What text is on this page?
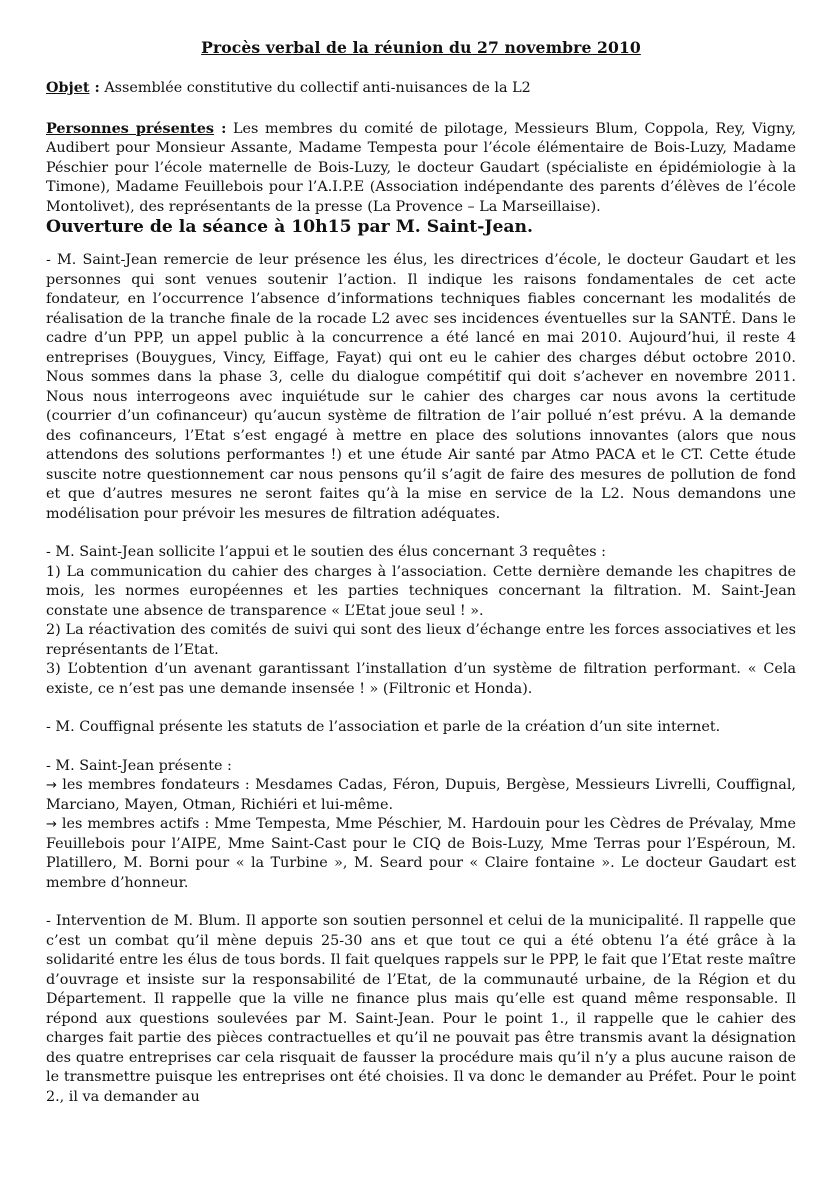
Procès verbal de la réunion du 27 novembre 2010

Objet : Assemblée constitutive du collectif anti-nuisances de la L2

Personnes présentes : Les membres du comité de pilotage, Messieurs Blum, Coppola, Rey, Vigny, Audibert pour Monsieur Assante, Madame Tempesta pour l’école élémentaire de Bois-Luzy, Madame Péschier pour l’école maternelle de Bois-Luzy, le docteur Gaudart (spécialiste en épidémiologie à la Timone), Madame Feuillebois pour l’A.I.P.E (Association indépendante des parents d’élèves de l’école Montolivet), des représentants de la presse (La Provence – La Marseillaise).

Ouverture de la séance à 10h15 par M. Saint-Jean.

- M. Saint-Jean remercie de leur présence les élus, les directrices d’école, le docteur Gaudart et les personnes qui sont venues soutenir l’action. Il indique les raisons fondamentales de cet acte fondateur, en l’occurrence l’absence d’informations techniques fiables concernant les modalités de réalisation de la tranche finale de la rocade L2 avec ses incidences éventuelles sur la SANTÉ. Dans le cadre d’un PPP, un appel public à la concurrence a été lancé en mai 2010. Aujourd’hui, il reste 4 entreprises (Bouygues, Vincy, Eiffage, Fayat) qui ont eu le cahier des charges début octobre 2010. Nous sommes dans la phase 3, celle du dialogue compétitif qui doit s’achever en novembre 2011. Nous nous interrogeons avec inquiétude sur le cahier des charges car nous avons la certitude (courrier d’un cofinanceur) qu’aucun système de filtration de l’air pollué n’est prévu. A la demande des cofinanceurs, l’Etat s’est engagé à mettre en place des solutions innovantes (alors que nous attendons des solutions performantes !) et une étude Air santé par Atmo PACA et le CT. Cette étude suscite notre questionnement car nous pensons qu’il s’agit de faire des mesures de pollution de fond et que d’autres mesures ne seront faites qu’à la mise en service de la L2. Nous demandons une modélisation pour prévoir les mesures de filtration adéquates.

- M. Saint-Jean sollicite l’appui et le soutien des élus concernant 3 requêtes :
1) La communication du cahier des charges à l’association. Cette dernière demande les chapitres de mois, les normes européennes et les parties techniques concernant la filtration. M. Saint-Jean constate une absence de transparence « L’Etat joue seul ! ».
2) La réactivation des comités de suivi qui sont des lieux d’échange entre les forces associatives et les représentants de l’Etat.
3) L’obtention d’un avenant garantissant l’installation d’un système de filtration performant. « Cela existe, ce n’est pas une demande insensée ! » (Filtronic et Honda).

- M. Couffignal présente les statuts de l’association et parle de la création d’un site internet.

- M. Saint-Jean présente :
→ les membres fondateurs : Mesdames Cadas, Féron, Dupuis, Bergèse, Messieurs Livrelli, Couffignal, Marciano, Mayen, Otman, Richiéri et lui-même.
→ les membres actifs : Mme Tempesta, Mme Péschier, M. Hardouin pour les Cèdres de Prévalay, Mme Feuillebois pour l’AIPE, Mme Saint-Cast pour le CIQ de Bois-Luzy, Mme Terras pour l’Espéroun, M. Platillero, M. Borni pour « la Turbine », M. Seard pour « Claire fontaine ». Le docteur Gaudart est membre d’honneur.

- Intervention de M. Blum. Il apporte son soutien personnel et celui de la municipalité. Il rappelle que c’est un combat qu’il mène depuis 25-30 ans et que tout ce qui a été obtenu l’a été grâce à la solidarité entre les élus de tous bords. Il fait quelques rappels sur le PPP, le fait que l’Etat reste maître d’ouvrage et insiste sur la responsabilité de l’Etat, de la communauté urbaine, de la Région et du Département. Il rappelle que la ville ne finance plus mais qu’elle est quand même responsable. Il répond aux questions soulevées par M. Saint-Jean. Pour le point 1., il rappelle que le cahier des charges fait partie des pièces contractuelles et qu’il ne pouvait pas être transmis avant la désignation des quatre entreprises car cela risquait de fausser la procédure mais qu’il n’y a plus aucune raison de le transmettre puisque les entreprises ont été choisies. Il va donc le demander au Préfet. Pour le point 2., il va demander au
